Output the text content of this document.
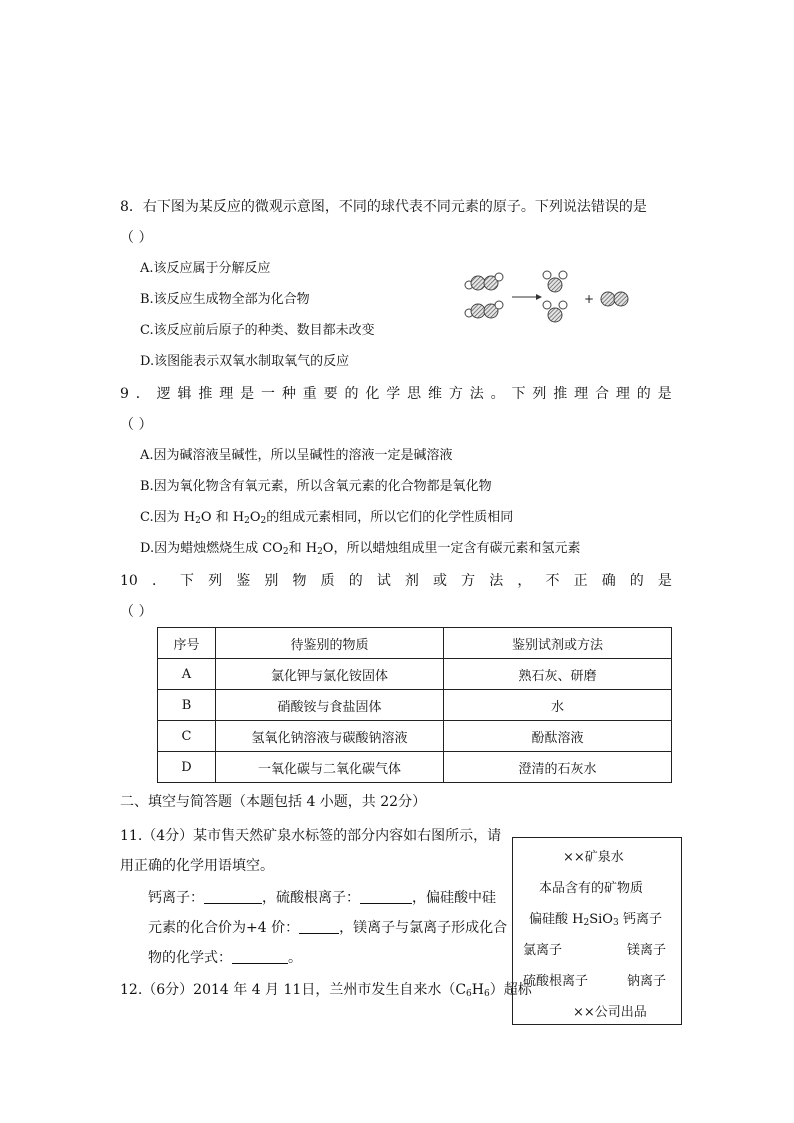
8．右下图为某反应的微观示意图，不同的球代表不同元素的原子。下列说法错误的是
（ ）
A.该反应属于分解反应
B.该反应生成物全部为化合物
C.该反应前后原子的种类、数目都未改变
D.该图能表示双氧水制取氧气的反应
+
9 ． 逻 辑 推 理 是 一 种 重 要 的 化 学 思 维 方 法 。 下 列 推 理 合 理 的 是
（ ）
A.因为碱溶液呈碱性，所以呈碱性的溶液一定是碱溶液
B.因为氧化物含有氧元素，所以含氧元素的化合物都是氧化物
C.因为 $H_2O$ 和 $H_2O_2$的组成元素相同，所以它们的化学性质相同
D.因为蜡烛燃烧生成 $CO_2$和 $H_2O$，所以蜡烛组成里一定含有碳元素和氢元素
10 ． 下 列 鉴 别 物 质 的 试 剂 或 方 法 ， 不 正 确 的 是
（ ）
序号	待鉴别的物质	鉴别试剂或方法
A	氯化钾与氯化铵固体	熟石灰、研磨
B	硝酸铵与食盐固体	水
C	氢氧化钠溶液与碳酸钠溶液	酚酞溶液
D	一氧化碳与二氧化碳气体	澄清的石灰水
二、填空与简答题（本题包括 4 小题，共 22分）
11.（4分）某市售天然矿泉水标签的部分内容如右图所示，请
用正确的化学用语填空。
钙离子：	，硫酸根离子：	，偏硅酸中硅
元素的化合价为+4 价：	，镁离子与氯离子形成化合
物的化学式：	。
××矿泉水
本品含有的矿物质
偏硅酸 $H_2SiO_3$ 钙离子
氯离子	镁离子
硫酸根离子	钠离子
××公司出品
12.（6分）2014 年 4 月 11日，兰州市发生自来水$(C_6H_6)$超标
